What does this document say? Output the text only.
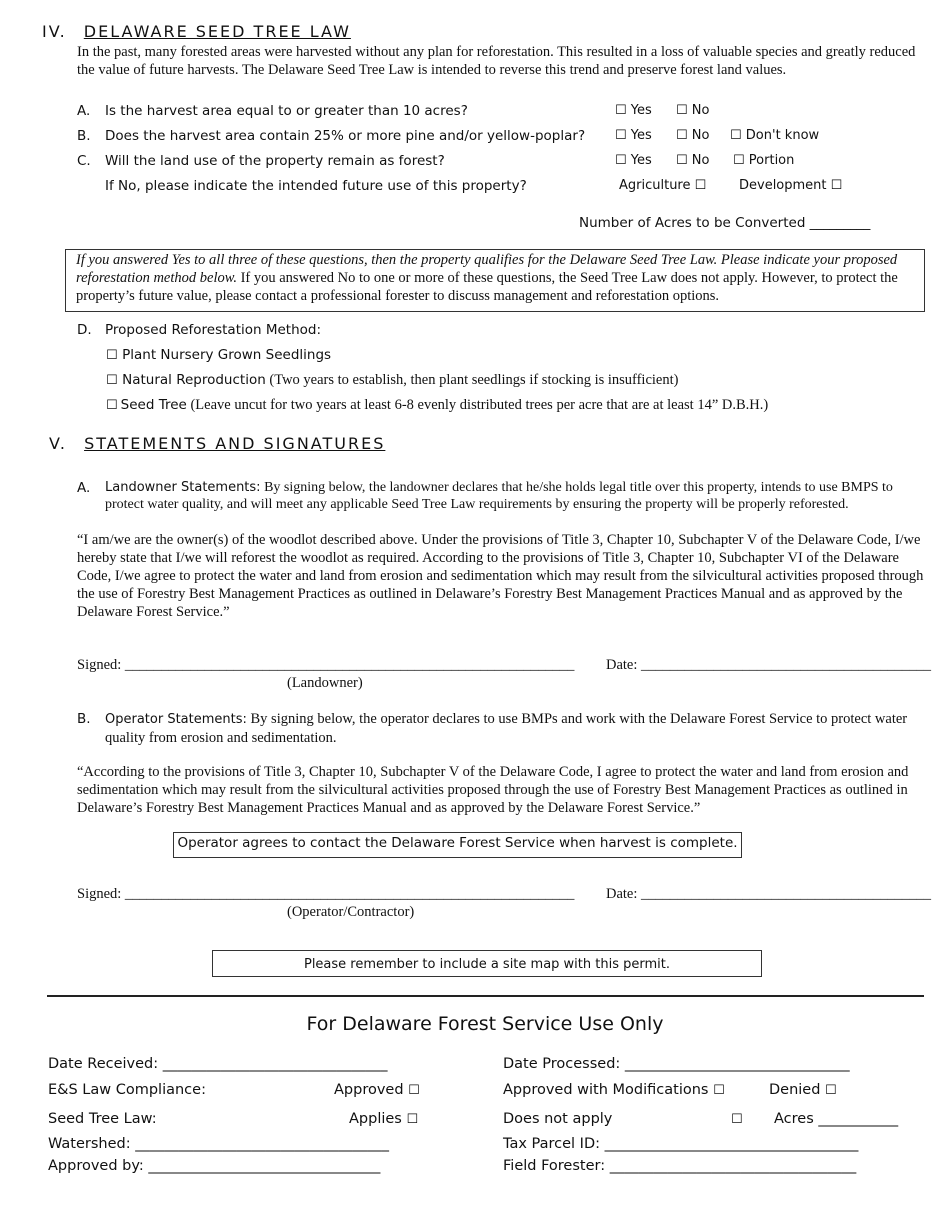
IV. DELAWARE SEED TREE LAW
In the past, many forested areas were harvested without any plan for reforestation. This resulted in a loss of valuable species and greatly reduced the value of future harvests. The Delaware Seed Tree Law is intended to reverse this trend and preserve forest land values.
A. Is the harvest area equal to or greater than 10 acres?	☐ Yes ☐ No
B. Does the harvest area contain 25% or more pine and/or yellow-poplar? ☐ Yes ☐ No ☐ Don't know
C. Will the land use of the property remain as forest?	☐ Yes ☐ No ☐ Portion
If No, please indicate the intended future use of this property?	Agriculture ☐	Development ☐
Number of Acres to be Converted _________
If you answered Yes to all three of these questions, then the property qualifies for the Delaware Seed Tree Law. Please indicate your proposed reforestation method below. If you answered No to one or more of these questions, the Seed Tree Law does not apply. However, to protect the property’s future value, please contact a professional forester to discuss management and reforestation options.
D. Proposed Reforestation Method:
☐ Plant Nursery Grown Seedlings
☐ Natural Reproduction (Two years to establish, then plant seedlings if stocking is insufficient)
☐ Seed Tree (Leave uncut for two years at least 6-8 evenly distributed trees per acre that are at least 14” D.B.H.)
V. STATEMENTS AND SIGNATURES
A. Landowner Statements: By signing below, the landowner declares that he/she holds legal title over this property, intends to use BMPS to protect water quality, and will meet any applicable Seed Tree Law requirements by ensuring the property will be properly reforested.
“I am/we are the owner(s) of the woodlot described above. Under the provisions of Title 3, Chapter 10, Subchapter V of the Delaware Code, I/we hereby state that I/we will reforest the woodlot as required. According to the provisions of Title 3, Chapter 10, Subchapter VI of the Delaware Code, I/we agree to protect the water and land from erosion and sedimentation which may result from the silvicultural activities proposed through the use of Forestry Best Management Practices as outlined in Delaware’s Forestry Best Management Practices Manual and as approved by the Delaware Forest Service.”
Signed: ______________________________________________________________ Date: ________________________________________
(Landowner)
B. Operator Statements: By signing below, the operator declares to use BMPs and work with the Delaware Forest Service to protect water quality from erosion and sedimentation.
“According to the provisions of Title 3, Chapter 10, Subchapter V of the Delaware Code, I agree to protect the water and land from erosion and sedimentation which may result from the silvicultural activities proposed through the use of Forestry Best Management Practices as outlined in Delaware’s Forestry Best Management Practices Manual and as approved by the Delaware Forest Service.”
Operator agrees to contact the Delaware Forest Service when harvest is complete.
Signed: ______________________________________________________________ Date: ________________________________________
(Operator/Contractor)
Please remember to include a site map with this permit.
For Delaware Forest Service Use Only
Date Received: _______________________________	Date Processed: _______________________________
E&S Law Compliance:	Approved ☐	Approved with Modifications ☐	Denied ☐
Seed Tree Law:	Applies ☐	Does not apply	☐ Acres ___________
Watershed: ___________________________________	Tax Parcel ID: ___________________________________
Approved by: ________________________________	Field Forester: __________________________________
